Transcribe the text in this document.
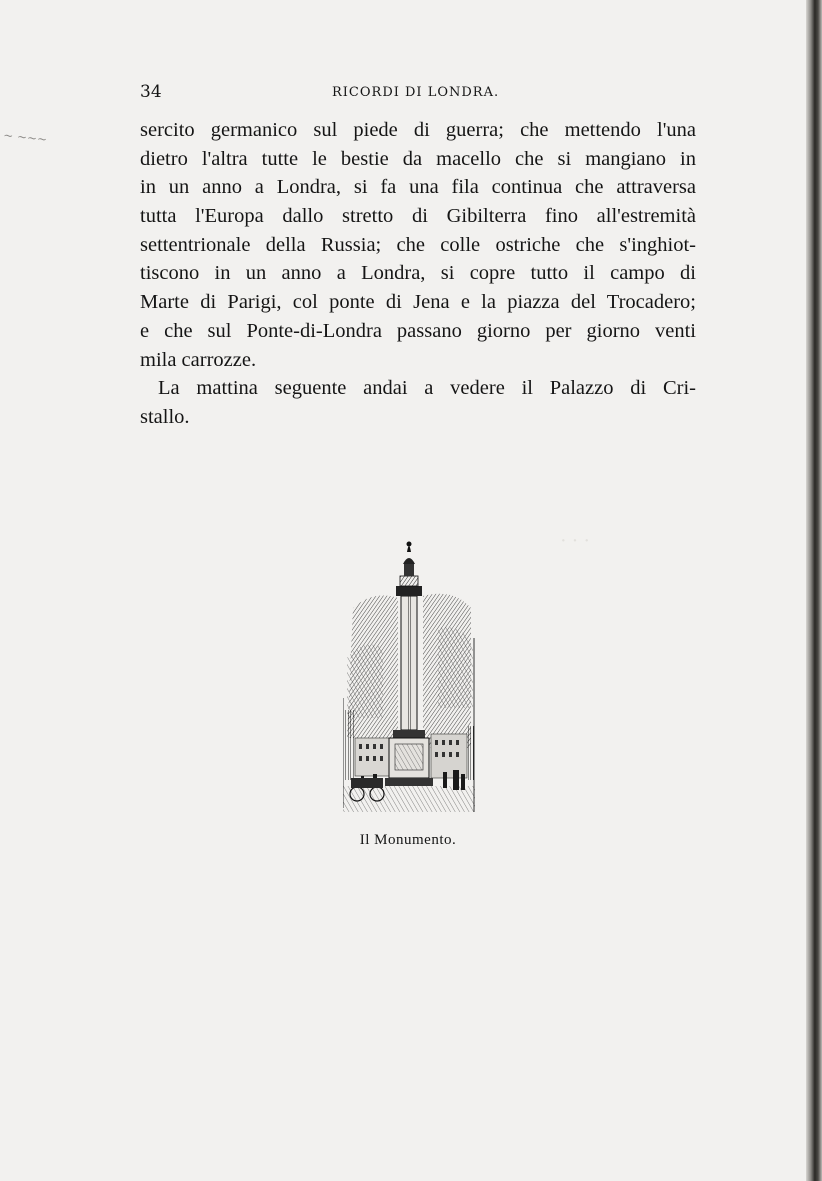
· · ·
~ ~~~
34	RICORDI DI LONDRA.
sercito germanico sul piede di guerra; che mettendo l'una
dietro l'altra tutte le bestie da macello che si mangiano in
in un anno a Londra, si fa una fila continua che attraversa
tutta l'Europa dallo stretto di Gibilterra fino all'estremità
settentrionale della Russia; che colle ostriche che s'inghiot-
tiscono in un anno a Londra, si copre tutto il campo di
Marte di Parigi, col ponte di Jena e la piazza del Trocadero;
e che sul Ponte-di-Londra passano giorno per giorno venti
mila carrozze.
La mattina seguente andai a vedere il Palazzo di Cri-
stallo.
Il Monumento.
